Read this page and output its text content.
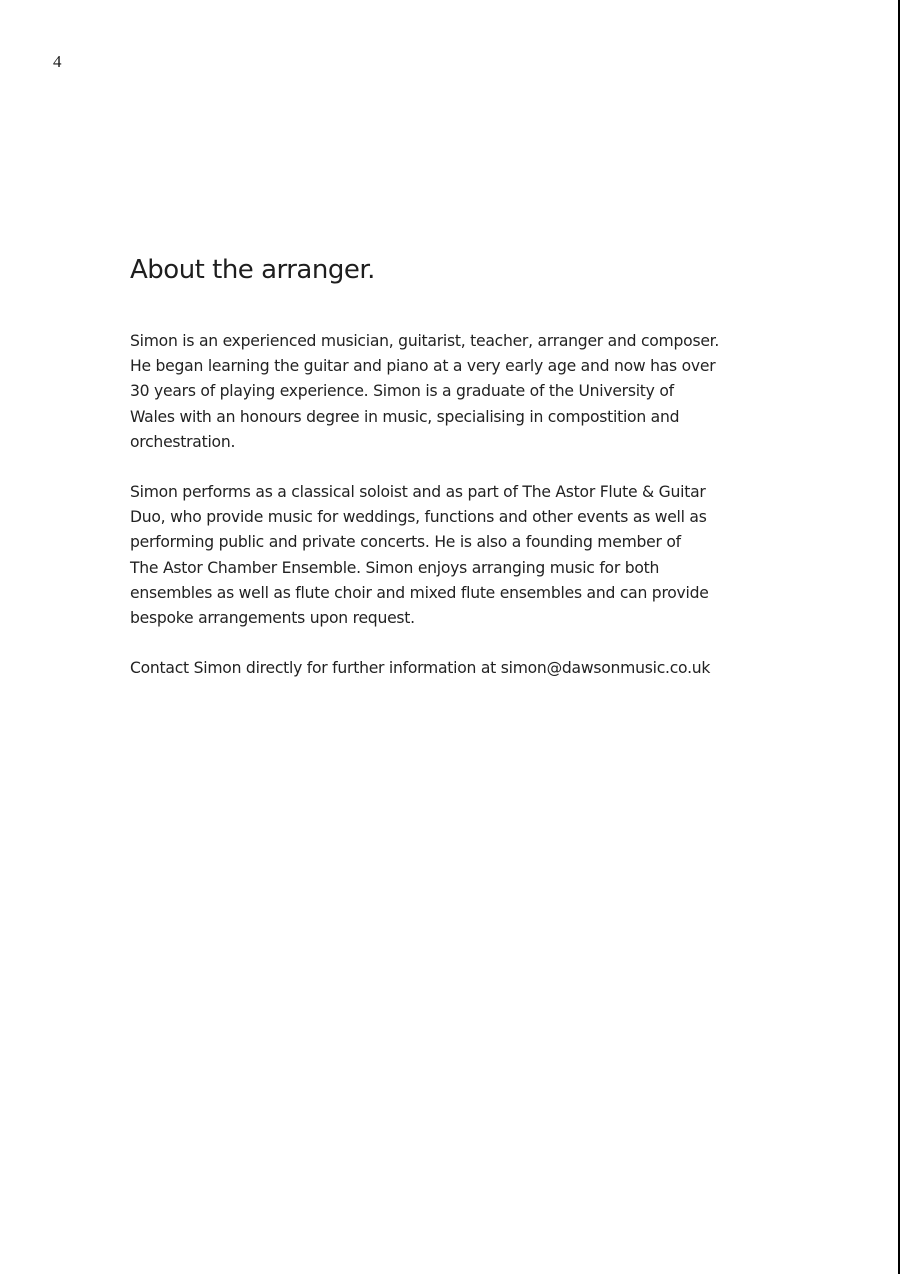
4
About the arranger.

Simon is an experienced musician, guitarist, teacher, arranger and composer.
He began learning the guitar and piano at a very early age and now has over
30 years of playing experience. Simon is a graduate of the University of
Wales with an honours degree in music, specialising in compostition and
orchestration.

Simon performs as a classical soloist and as part of The Astor Flute & Guitar
Duo, who provide music for weddings, functions and other events as well as
performing public and private concerts. He is also a founding member of
The Astor Chamber Ensemble. Simon enjoys arranging music for both
ensembles as well as flute choir and mixed flute ensembles and can provide
bespoke arrangements upon request.

Contact Simon directly for further information at simon@dawsonmusic.co.uk
